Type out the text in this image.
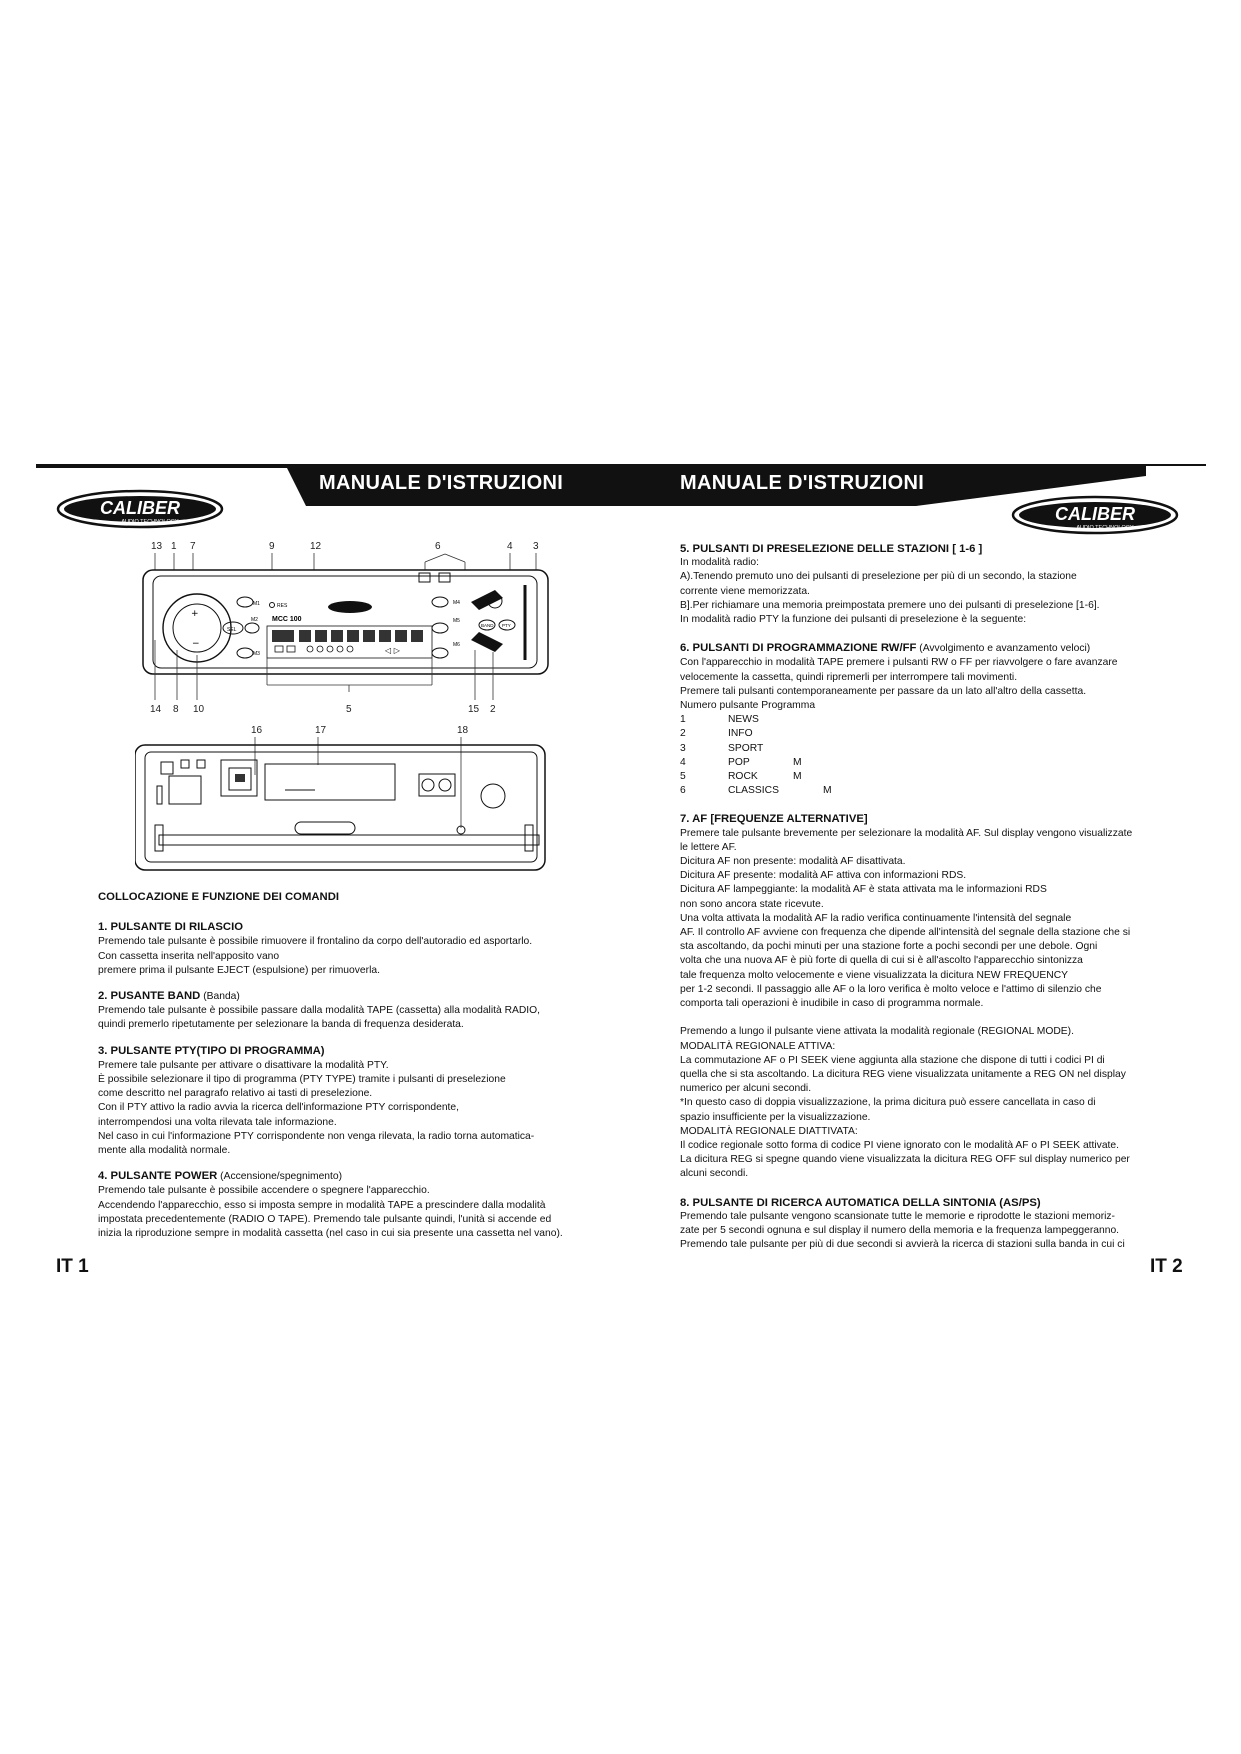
MANUALE D'ISTRUZIONI	MANUALE D'ISTRUZIONI
CALIBER
AUDIO TECHNOLOGY	CALIBER
AUDIO TECHNOLOGY
13 1 7	9	12	6	4 3
+
−
SEL
M1
M2
M3
M4
M5
M6
RES
MCC 100
◁ ▷
BAND PTY
14 8 10	5	15 2
16	17	18

COLLOCAZIONE E FUNZIONE DEI COMANDI

1. PULSANTE DI RILASCIO

Premendo tale pulsante è possibile rimuovere il frontalino da corpo dell'autoradio ed asportarlo.

Con cassetta inserita nell'apposito vano

premere prima il pulsante EJECT (espulsione) per rimuoverla.

2. PUSANTE BAND (Banda)

Premendo tale pulsante è possibile passare dalla modalità TAPE (cassetta) alla modalità RADIO,

quindi premerlo ripetutamente per selezionare la banda di frequenza desiderata.

3. PULSANTE PTY(TIPO DI PROGRAMMA)

Premere tale pulsante per attivare o disattivare la modalità PTY.

È possibile selezionare il tipo di programma (PTY TYPE) tramite i pulsanti di preselezione

come descritto nel paragrafo relativo ai tasti di preselezione.

Con il PTY attivo la radio avvia la ricerca dell'informazione PTY corrispondente,

interrompendosi una volta rilevata tale informazione.

Nel caso in cui l'informazione PTY corrispondente non venga rilevata, la radio torna automatica-

mente alla modalità normale.

4. PULSANTE POWER (Accensione/spegnimento)

Premendo tale pulsante è possibile accendere o spegnere l'apparecchio.

Accendendo l'apparecchio, esso si imposta sempre in modalità TAPE a prescindere dalla modalità

impostata precedentemente (RADIO O TAPE). Premendo tale pulsante quindi, l'unità si accende ed

inizia la riproduzione sempre in modalità cassetta (nel caso in cui sia presente una cassetta nel vano).

IT 1

5. PULSANTI DI PRESELEZIONE DELLE STAZIONI [ 1-6 ]

In modalità radio:

A).Tenendo premuto uno dei pulsanti di preselezione per più di un secondo, la stazione

corrente viene memorizzata.

B].Per richiamare una memoria preimpostata premere uno dei pulsanti di preselezione [1-6].

In modalità radio PTY la funzione dei pulsanti di preselezione è la seguente:

6. PULSANTI DI PROGRAMMAZIONE RW/FF (Avvolgimento e avanzamento veloci)

Con l'apparecchio in modalità TAPE premere i pulsanti RW o FF per riavvolgere o fare avanzare

velocemente la cassetta, quindi ripremerli per interrompere tali movimenti.

Premere tali pulsanti contemporaneamente per passare da un lato all'altro della cassetta.

Numero pulsante Programma

1	NEWS
2	INFO
3	SPORT
4	POP M
5	ROCK M
6	CLASSICS M

7. AF [FREQUENZE ALTERNATIVE]

Premere tale pulsante brevemente per selezionare la modalità AF. Sul display vengono visualizzate

le lettere AF.

Dicitura AF non presente: modalità AF disattivata.

Dicitura AF presente: modalità AF attiva con informazioni RDS.

Dicitura AF lampeggiante: la modalità AF è stata attivata ma le informazioni RDS

non sono ancora state ricevute.

Una volta attivata la modalità AF la radio verifica continuamente l'intensità del segnale

AF. Il controllo AF avviene con frequenza che dipende all'intensità del segnale della stazione che si

sta ascoltando, da pochi minuti per una stazione forte a pochi secondi per une debole. Ogni

volta che una nuova AF è più forte di quella di cui si è all'ascolto l'apparecchio sintonizza

tale frequenza molto velocemente e viene visualizzata la dicitura NEW FREQUENCY

per 1-2 secondi. Il passaggio alle AF o la loro verifica è molto veloce e l'attimo di silenzio che

comporta tali operazioni è inudibile in caso di programma normale.

Premendo a lungo il pulsante viene attivata la modalità regionale (REGIONAL MODE).

MODALITÀ REGIONALE ATTIVA:

La commutazione AF o PI SEEK viene aggiunta alla stazione che dispone di tutti i codici PI di

quella che si sta ascoltando. La dicitura REG viene visualizzata unitamente a REG ON nel display

numerico per alcuni secondi.

*In questo caso di doppia visualizzazione, la prima dicitura può essere cancellata in caso di

spazio insufficiente per la visualizzazione.

MODALITÀ REGIONALE DIATTIVATA:

Il codice regionale sotto forma di codice PI viene ignorato con le modalità AF o PI SEEK attivate.

La dicitura REG si spegne quando viene visualizzata la dicitura REG OFF sul display numerico per

alcuni secondi.

8. PULSANTE DI RICERCA AUTOMATICA DELLA SINTONIA (AS/PS)

Premendo tale pulsante vengono scansionate tutte le memorie e riprodotte le stazioni memoriz-

zate per 5 secondi ognuna e sul display il numero della memoria e la frequenza lampeggeranno.

Premendo tale pulsante per più di due secondi si avvierà la ricerca di stazioni sulla banda in cui ci

IT 2
